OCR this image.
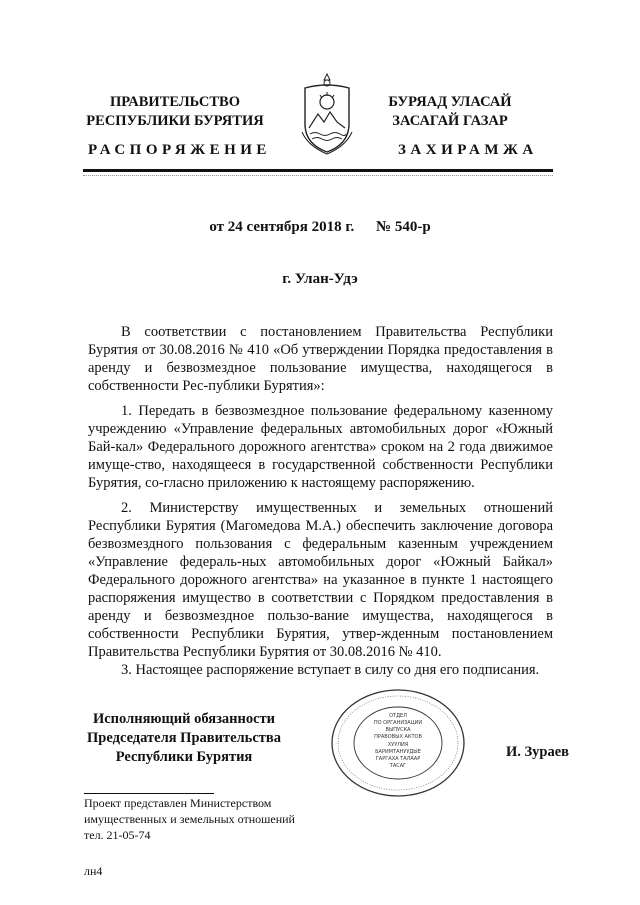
ПРАВИТЕЛЬСТВО
РЕСПУБЛИКИ БУРЯТИЯ
БУРЯАД УЛАСАЙ
ЗАСАГАЙ ГАЗАР
РАСПОРЯЖЕНИЕ	ЗАХИРАМЖА
от 24 сентября 2018 г. № 540-р
г. Улан-Удэ

В соответствии с постановлением Правительства Республики Бурятия от 30.08.2016 № 410 «Об утверждении Порядка предоставления в аренду и безвозмездное пользование имущества, находящегося в собственности Рес-публики Бурятия»:

1. Передать в безвозмездное пользование федеральному казенному учреждению «Управление федеральных автомобильных дорог «Южный Бай-кал» Федерального дорожного агентства» сроком на 2 года движимое имуще-ство, находящееся в государственной собственности Республики Бурятия, со-гласно приложению к настоящему распоряжению.

2. Министерству имущественных и земельных отношений Республики Бурятия (Магомедова М.А.) обеспечить заключение договора безвозмездного пользования с федеральным казенным учреждением «Управление федераль-ных автомобильных дорог «Южный Байкал» Федерального дорожного агентства» на указанное в пункте 1 настоящего распоряжения имущество в соответствии с Порядком предоставления в аренду и безвозмездное пользо-вание имущества, находящегося в собственности Республики Бурятия, утвер-жденным постановлением Правительства Республики Бурятия от 30.08.2016 № 410.

3. Настоящее распоряжение вступает в силу со дня его подписания.

Исполняющий обязанности
Председателя Правительства
Республики Бурятия
ОТДЕЛ
ПО ОРГАНИЗАЦИИ
ВЫПУСКА
ПРАВОВЫХ АКТОВ
ХУУЛИЯ
БАРИМТАНУУДЫЕ
ГАРГАХА ТАЛААР
ТАСАГ
И. Зураев
Проект представлен Министерством
имущественных и земельных отношений
тел. 21-05-74
лн4
